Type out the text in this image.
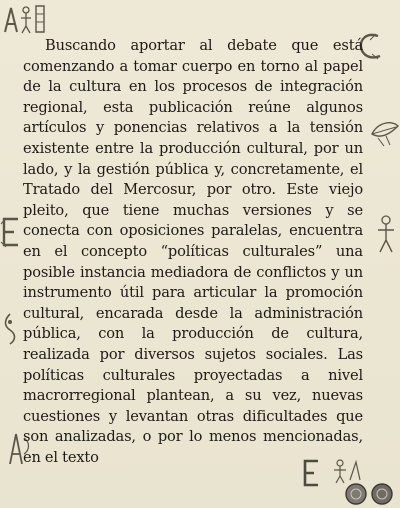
Buscando aportar al debate que está comenzando a tomar cuerpo en torno al papel de la cultura en los procesos de integración regional, esta publicación reúne algunos artículos y ponencias relativos a la tensión existente entre la producción cultural, por un lado, y la gestión pública y, concretamente, el Tratado del Mercosur, por otro. Este viejo pleito, que tiene muchas versiones y se conecta con oposiciones paralelas, encuentra en el concepto “políticas culturales” una posible instancia mediadora de conflictos y un instrumento útil para articular la promoción cultural, encarada desde la administración pública, con la producción de cultura, realizada por diversos sujetos sociales. Las políticas culturales proyectadas a nivel macrorregional plantean, a su vez, nuevas cuestiones y levantan otras dificultades que son analizadas, o por lo menos mencionadas, en el texto
